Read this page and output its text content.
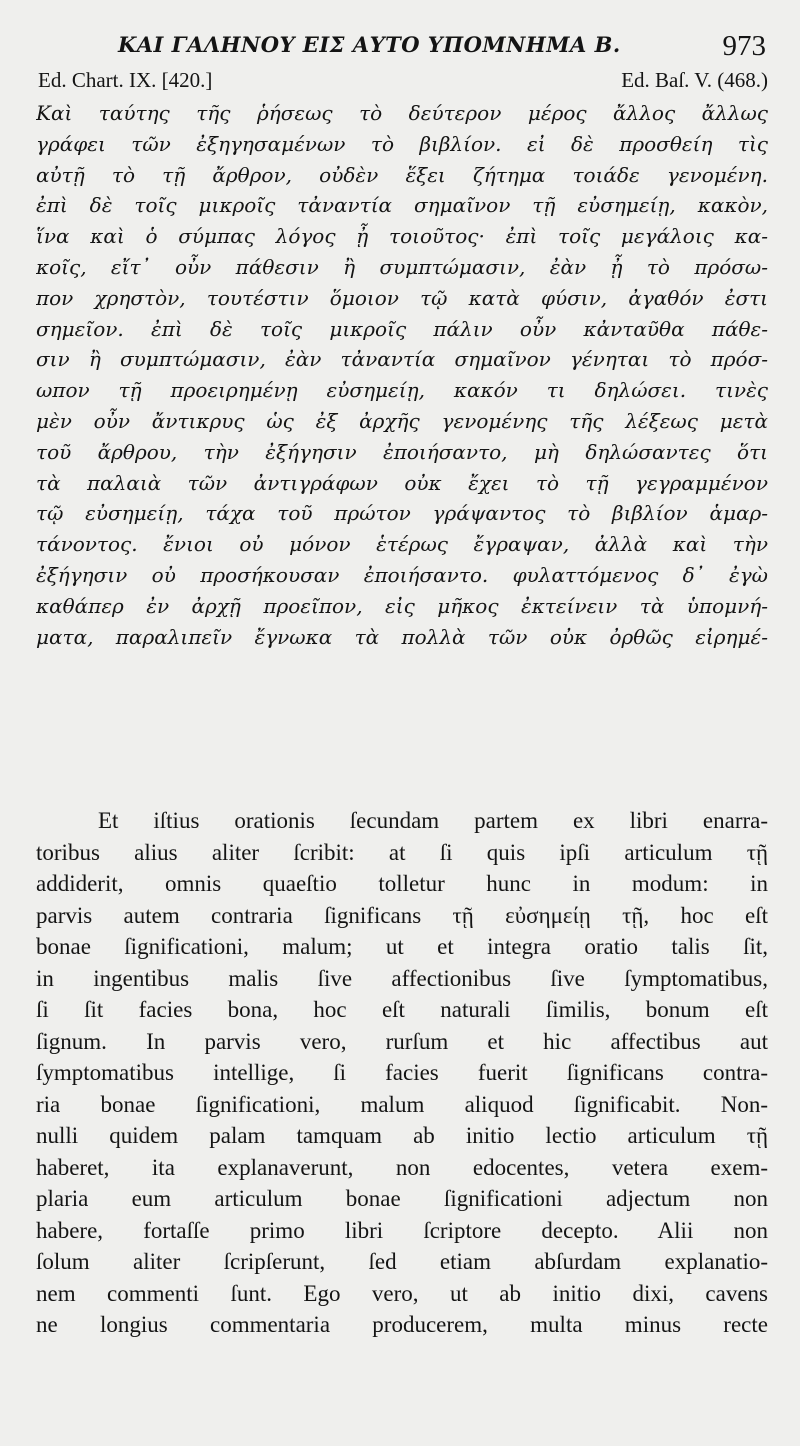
ΚΑΙ ΓΑΛΗΝΟΥ ΕΙΣ ΑΥΤΟ ΥΠΟΜΝΗΜΑ Β.	973
Ed. Chart. IX. [420.]	Ed. Baſ. V. (468.)
Καὶ ταύτης τῆς ῥήσεως τὸ δεύτερον μέρος ἄλλος ἄλλως
γράφει τῶν ἐξηγησαμένων τὸ βιβλίον. εἰ δὲ προσθείη τὶς
αὐτῇ τὸ τῇ ἄρθρον, οὐδὲν ἕξει ζήτημα τοιάδε γενομένη.
ἐπὶ δὲ τοῖς μικροῖς τἀναντία σημαῖνον τῇ εὐσημείῃ, κακὸν,
ἵνα καὶ ὁ σύμπας λόγος ᾖ τοιοῦτος· ἐπὶ τοῖς μεγάλοις κα-
κοῖς, εἴτ᾽ οὖν πάθεσιν ἢ συμπτώμασιν, ἐὰν ᾖ τὸ πρόσω-
πον χρηστὸν, τουτέστιν ὅμοιον τῷ κατὰ φύσιν, ἀγαθόν ἐστι
σημεῖον. ἐπὶ δὲ τοῖς μικροῖς πάλιν οὖν κἀνταῦθα πάθε-
σιν ἢ συμπτώμασιν, ἐὰν τἀναντία σημαῖνον γένηται τὸ πρόσ-
ωπον τῇ προειρημένῃ εὐσημείῃ, κακόν τι δηλώσει. τινὲς
μὲν οὖν ἄντικρυς ὡς ἐξ ἀρχῆς γενομένης τῆς λέξεως μετὰ
τοῦ ἄρθρου, τὴν ἐξήγησιν ἐποιήσαντο, μὴ δηλώσαντες ὅτι
τὰ παλαιὰ τῶν ἀντιγράφων οὐκ ἔχει τὸ τῇ γεγραμμένον
τῷ εὐσημείῃ, τάχα τοῦ πρώτον γράψαντος τὸ βιβλίον ἁμαρ-
τάνοντος. ἔνιοι οὐ μόνον ἑτέρως ἔγραψαν, ἀλλὰ καὶ τὴν
ἐξήγησιν οὐ προσήκουσαν ἐποιήσαντο. φυλαττόμενος δ᾽ ἐγὼ
καθάπερ ἐν ἀρχῇ προεῖπον, εἰς μῆκος ἐκτείνειν τὰ ὑπομνή-
ματα, παραλιπεῖν ἔγνωκα τὰ πολλὰ τῶν οὐκ ὀρθῶς εἰρημέ-
Et iſtius orationis ſecundam partem ex libri enarra-
toribus alius aliter ſcribit: at ſi quis ipſi articulum τῇ
addiderit, omnis quaeſtio tolletur hunc in modum: in
parvis autem contraria ſignificans τῇ εὐσημείῃ τῇ, hoc eſt
bonae ſignificationi, malum; ut et integra oratio talis ſit,
in ingentibus malis ſive affectionibus ſive ſymptomatibus,
ſi ſit facies bona, hoc eſt naturali ſimilis, bonum eſt
ſignum. In parvis vero, rurſum et hic affectibus aut
ſymptomatibus intellige, ſi facies fuerit ſignificans contra-
ria bonae ſignificationi, malum aliquod ſignificabit. Non-
nulli quidem palam tamquam ab initio lectio articulum τῇ
haberet, ita explanaverunt, non edocentes, vetera exem-
plaria eum articulum bonae ſignificationi adjectum non
habere, fortaſſe primo libri ſcriptore decepto. Alii non
ſolum aliter ſcripſerunt, ſed etiam abſurdam explanatio-
nem commenti ſunt. Ego vero, ut ab initio dixi, cavens
ne longius commentaria producerem, multa minus recte
